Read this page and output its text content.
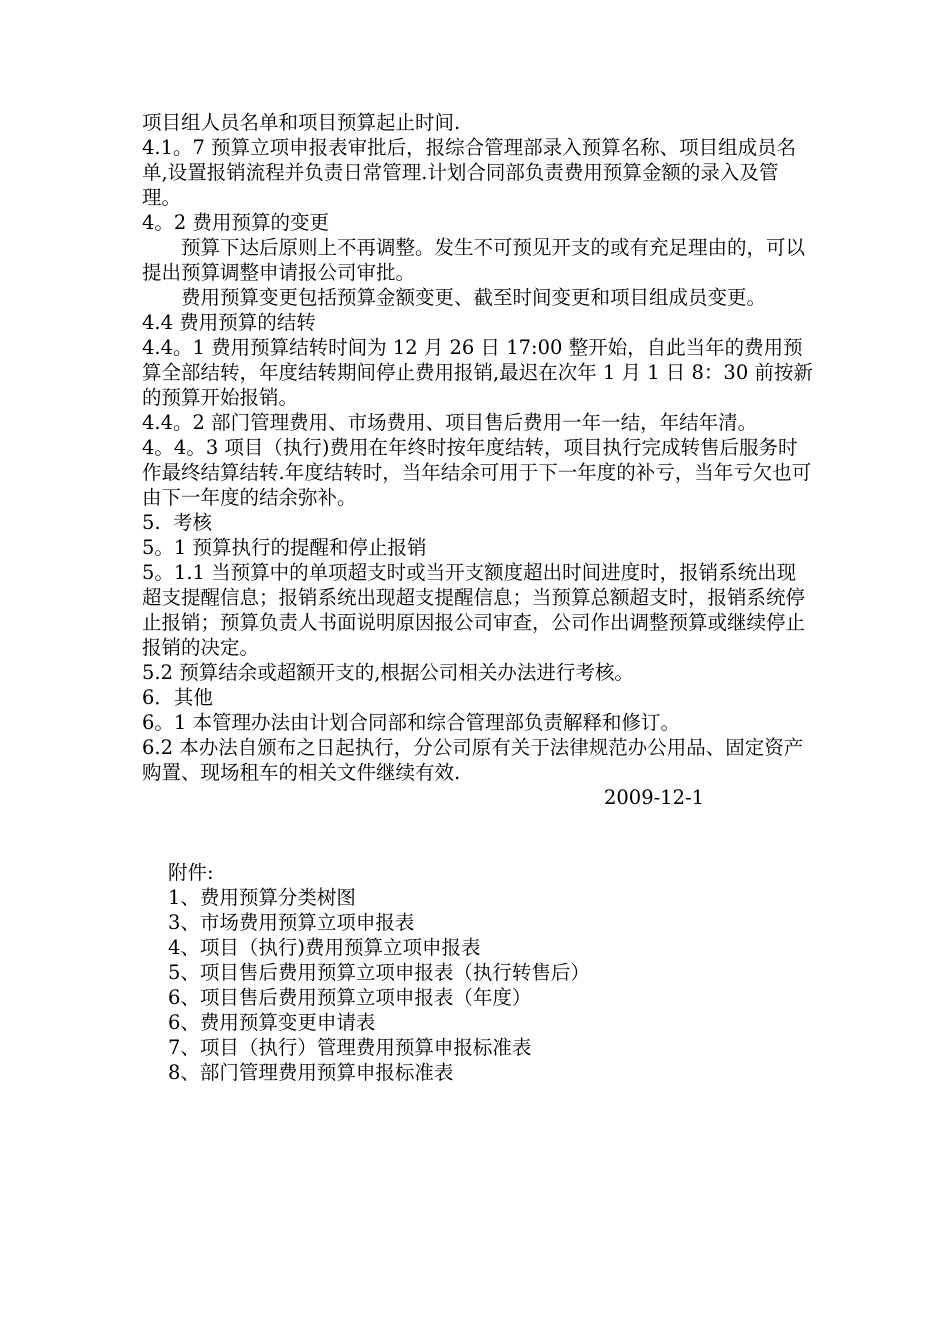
项目组人员名单和项目预算起止时间.

4.1。7 预算立项申报表审批后，报综合管理部录入预算名称、项目组成员名单,设置报销流程并负责日常管理.计划合同部负责费用预算金额的录入及管理。

4。2 费用预算的变更

预算下达后原则上不再调整。发生不可预见开支的或有充足理由的，可以提出预算调整申请报公司审批。

费用预算变更包括预算金额变更、截至时间变更和项目组成员变更。

4.4 费用预算的结转

4.4。1 费用预算结转时间为 12 月 26 日 17:00 整开始，自此当年的费用预算全部结转，年度结转期间停止费用报销,最迟在次年 1 月 1 日 8：30 前按新的预算开始报销。

4.4。2 部门管理费用、市场费用、项目售后费用一年一结，年结年清。

4。4。3 项目（执行)费用在年终时按年度结转，项目执行完成转售后服务时作最终结算结转.年度结转时，当年结余可用于下一年度的补亏，当年亏欠也可由下一年度的结余弥补。

5.  考核

5。1 预算执行的提醒和停止报销

5。1.1 当预算中的单项超支时或当开支额度超出时间进度时，报销系统出现超支提醒信息；报销系统出现超支提醒信息；当预算总额超支时，报销系统停止报销；预算负责人书面说明原因报公司审查，公司作出调整预算或继续停止报销的决定。

5.2 预算结余或超额开支的,根据公司相关办法进行考核。

6．其他

6。1 本管理办法由计划合同部和综合管理部负责解释和修订。

6.2 本办法自颁布之日起执行，分公司原有关于法律规范办公用品、固定资产购置、现场租车的相关文件继续有效.

2009-12-1

附件:

1、费用预算分类树图

3、市场费用预算立项申报表

4、项目（执行)费用预算立项申报表

5、项目售后费用预算立项申报表（执行转售后）

6、项目售后费用预算立项申报表（年度）

6、费用预算变更申请表

7、项目（执行）管理费用预算申报标准表

8、部门管理费用预算申报标准表
